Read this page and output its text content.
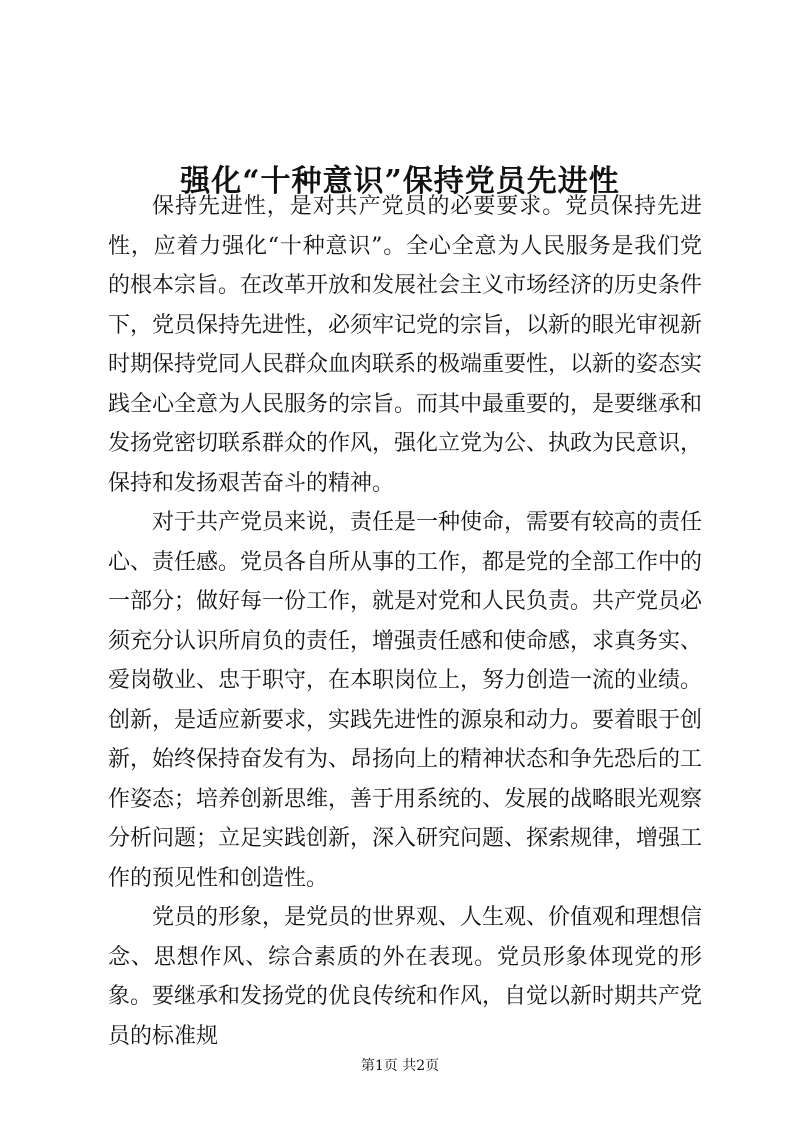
强化“十种意识”保持党员先进性

保持先进性，是对共产党员的必要要求。党员保持先进性，应着力强化“十种意识”。全心全意为人民服务是我们党的根本宗旨。在改革开放和发展社会主义市场经济的历史条件下，党员保持先进性，必须牢记党的宗旨，以新的眼光审视新时期保持党同人民群众血肉联系的极端重要性，以新的姿态实践全心全意为人民服务的宗旨。而其中最重要的，是要继承和发扬党密切联系群众的作风，强化立党为公、执政为民意识，保持和发扬艰苦奋斗的精神。

对于共产党员来说，责任是一种使命，需要有较高的责任心、责任感。党员各自所从事的工作，都是党的全部工作中的一部分；做好每一份工作，就是对党和人民负责。共产党员必须充分认识所肩负的责任，增强责任感和使命感，求真务实、爱岗敬业、忠于职守，在本职岗位上，努力创造一流的业绩。创新，是适应新要求，实践先进性的源泉和动力。要着眼于创新，始终保持奋发有为、昂扬向上的精神状态和争先恐后的工作姿态；培养创新思维，善于用系统的、发展的战略眼光观察分析问题；立足实践创新，深入研究问题、探索规律，增强工作的预见性和创造性。

党员的形象，是党员的世界观、人生观、价值观和理想信念、思想作风、综合素质的外在表现。党员形象体现党的形象。要继承和发扬党的优良传统和作风，自觉以新时期共产党员的标准规

第1页 共2页
